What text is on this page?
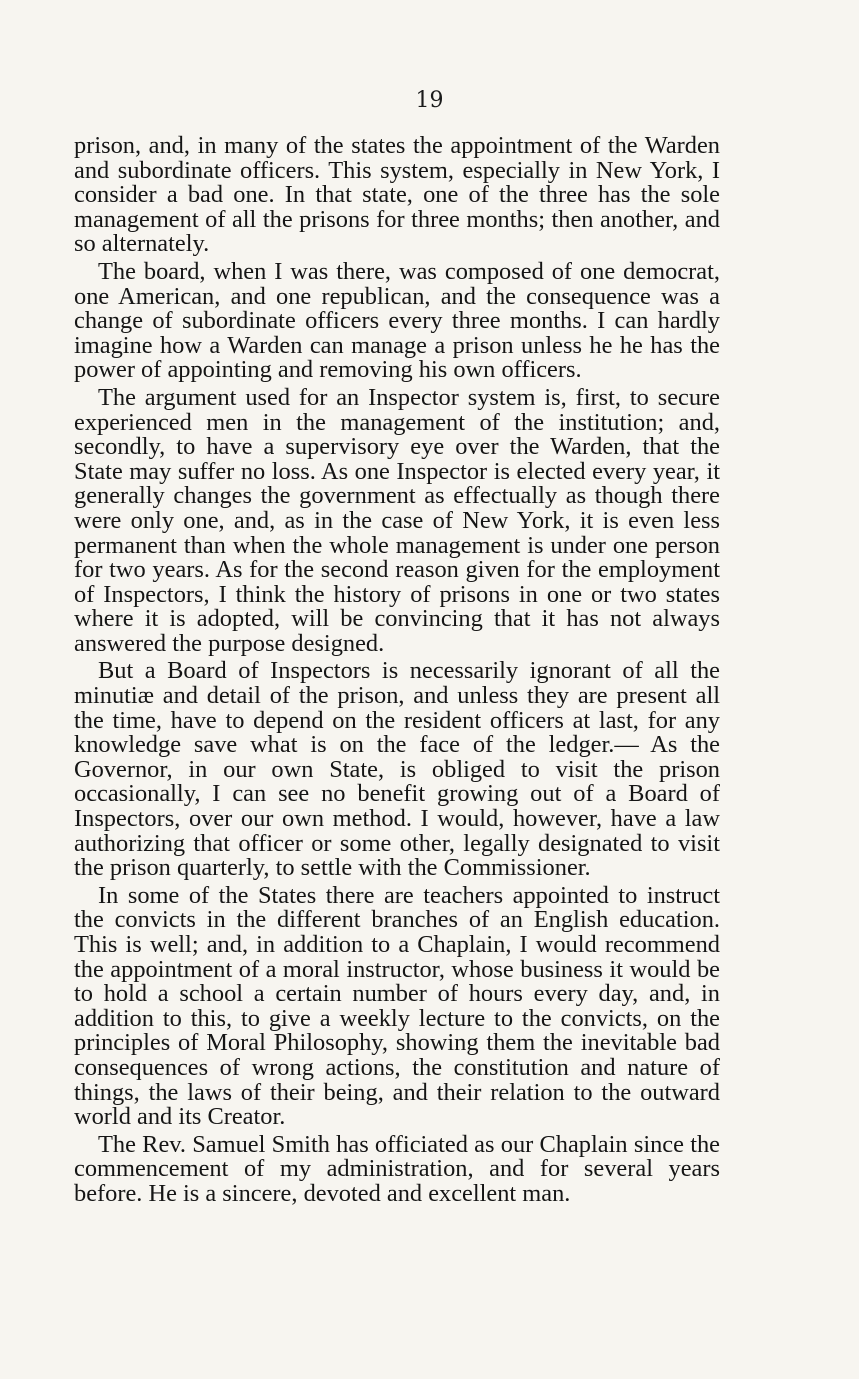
19

prison, and, in many of the states the appointment of the Warden and subordinate officers. This system, especially in New York, I consider a bad one. In that state, one of the three has the sole management of all the prisons for three months; then another, and so alternately.

The board, when I was there, was composed of one democrat, one American, and one republican, and the consequence was a change of subordinate officers every three months. I can hardly imagine how a Warden can manage a prison unless he he has the power of appointing and removing his own officers.

The argument used for an Inspector system is, first, to secure experienced men in the management of the institution; and, secondly, to have a supervisory eye over the Warden, that the State may suffer no loss. As one Inspector is elected every year, it generally changes the government as effectually as though there were only one, and, as in the case of New York, it is even less permanent than when the whole management is under one person for two years. As for the second reason given for the employment of Inspectors, I think the history of prisons in one or two states where it is adopted, will be convincing that it has not always answered the purpose designed.

But a Board of Inspectors is necessarily ignorant of all the minutiæ and detail of the prison, and unless they are present all the time, have to depend on the resident officers at last, for any knowledge save what is on the face of the ledger.— As the Governor, in our own State, is obliged to visit the prison occasionally, I can see no benefit growing out of a Board of Inspectors, over our own method. I would, however, have a law authorizing that officer or some other, legally designated to visit the prison quarterly, to settle with the Commissioner.

In some of the States there are teachers appointed to instruct the convicts in the different branches of an English education. This is well; and, in addition to a Chaplain, I would recommend the appointment of a moral instructor, whose business it would be to hold a school a certain number of hours every day, and, in addition to this, to give a weekly lecture to the convicts, on the principles of Moral Philosophy, showing them the inevitable bad consequences of wrong actions, the constitution and nature of things, the laws of their being, and their relation to the outward world and its Creator.

The Rev. Samuel Smith has officiated as our Chaplain since the commencement of my administration, and for several years before. He is a sincere, devoted and excellent man.
